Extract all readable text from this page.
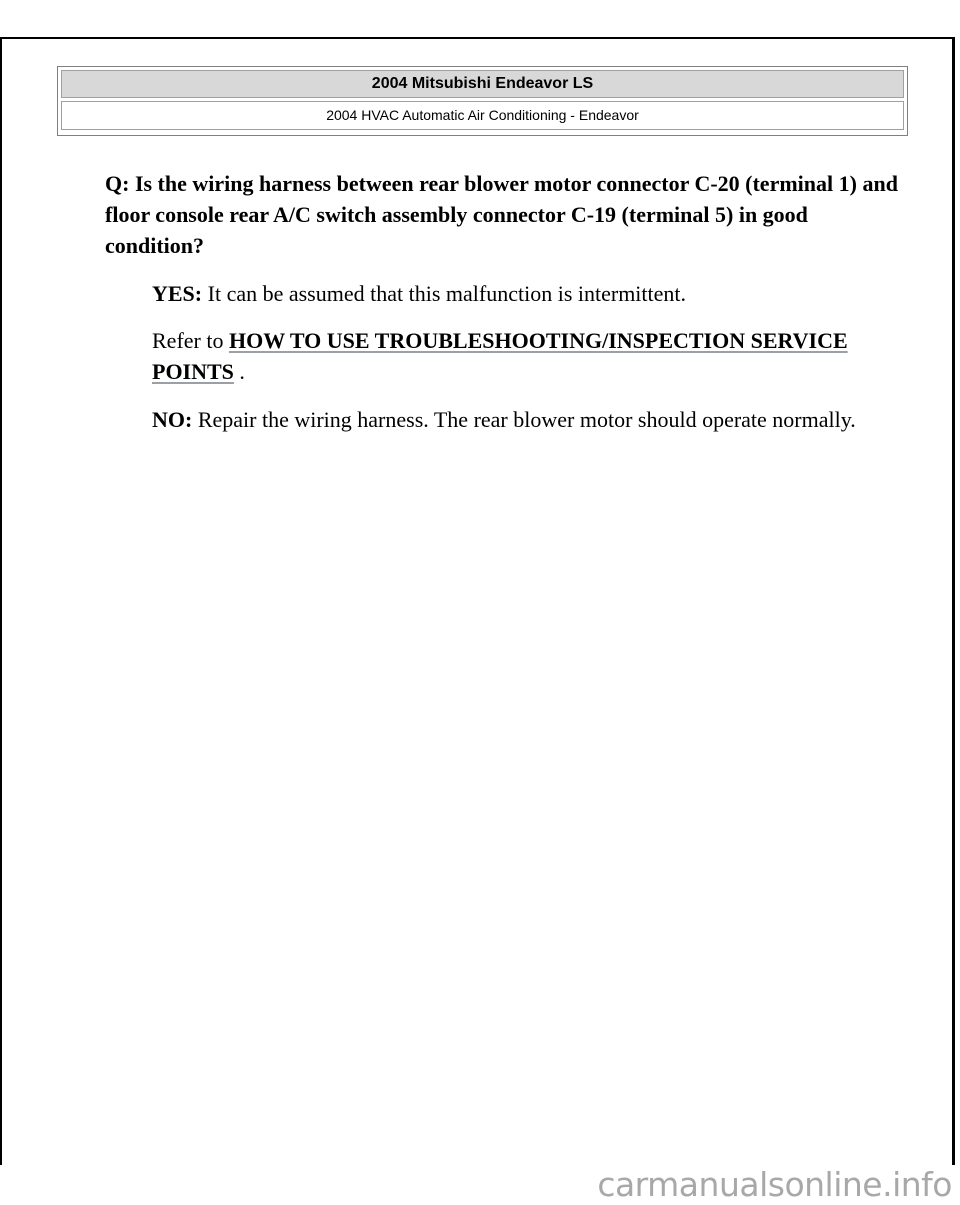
2004 Mitsubishi Endeavor LS
2004 HVAC Automatic Air Conditioning - Endeavor

Q: Is the wiring harness between rear blower motor connector C-20 (terminal 1) and floor console rear A/C switch assembly connector C-19 (terminal 5) in good condition?

YES: It can be assumed that this malfunction is intermittent.

Refer to HOW TO USE TROUBLESHOOTING/INSPECTION SERVICE POINTS .

NO: Repair the wiring harness. The rear blower motor should operate normally.

carmanualsonline.info
